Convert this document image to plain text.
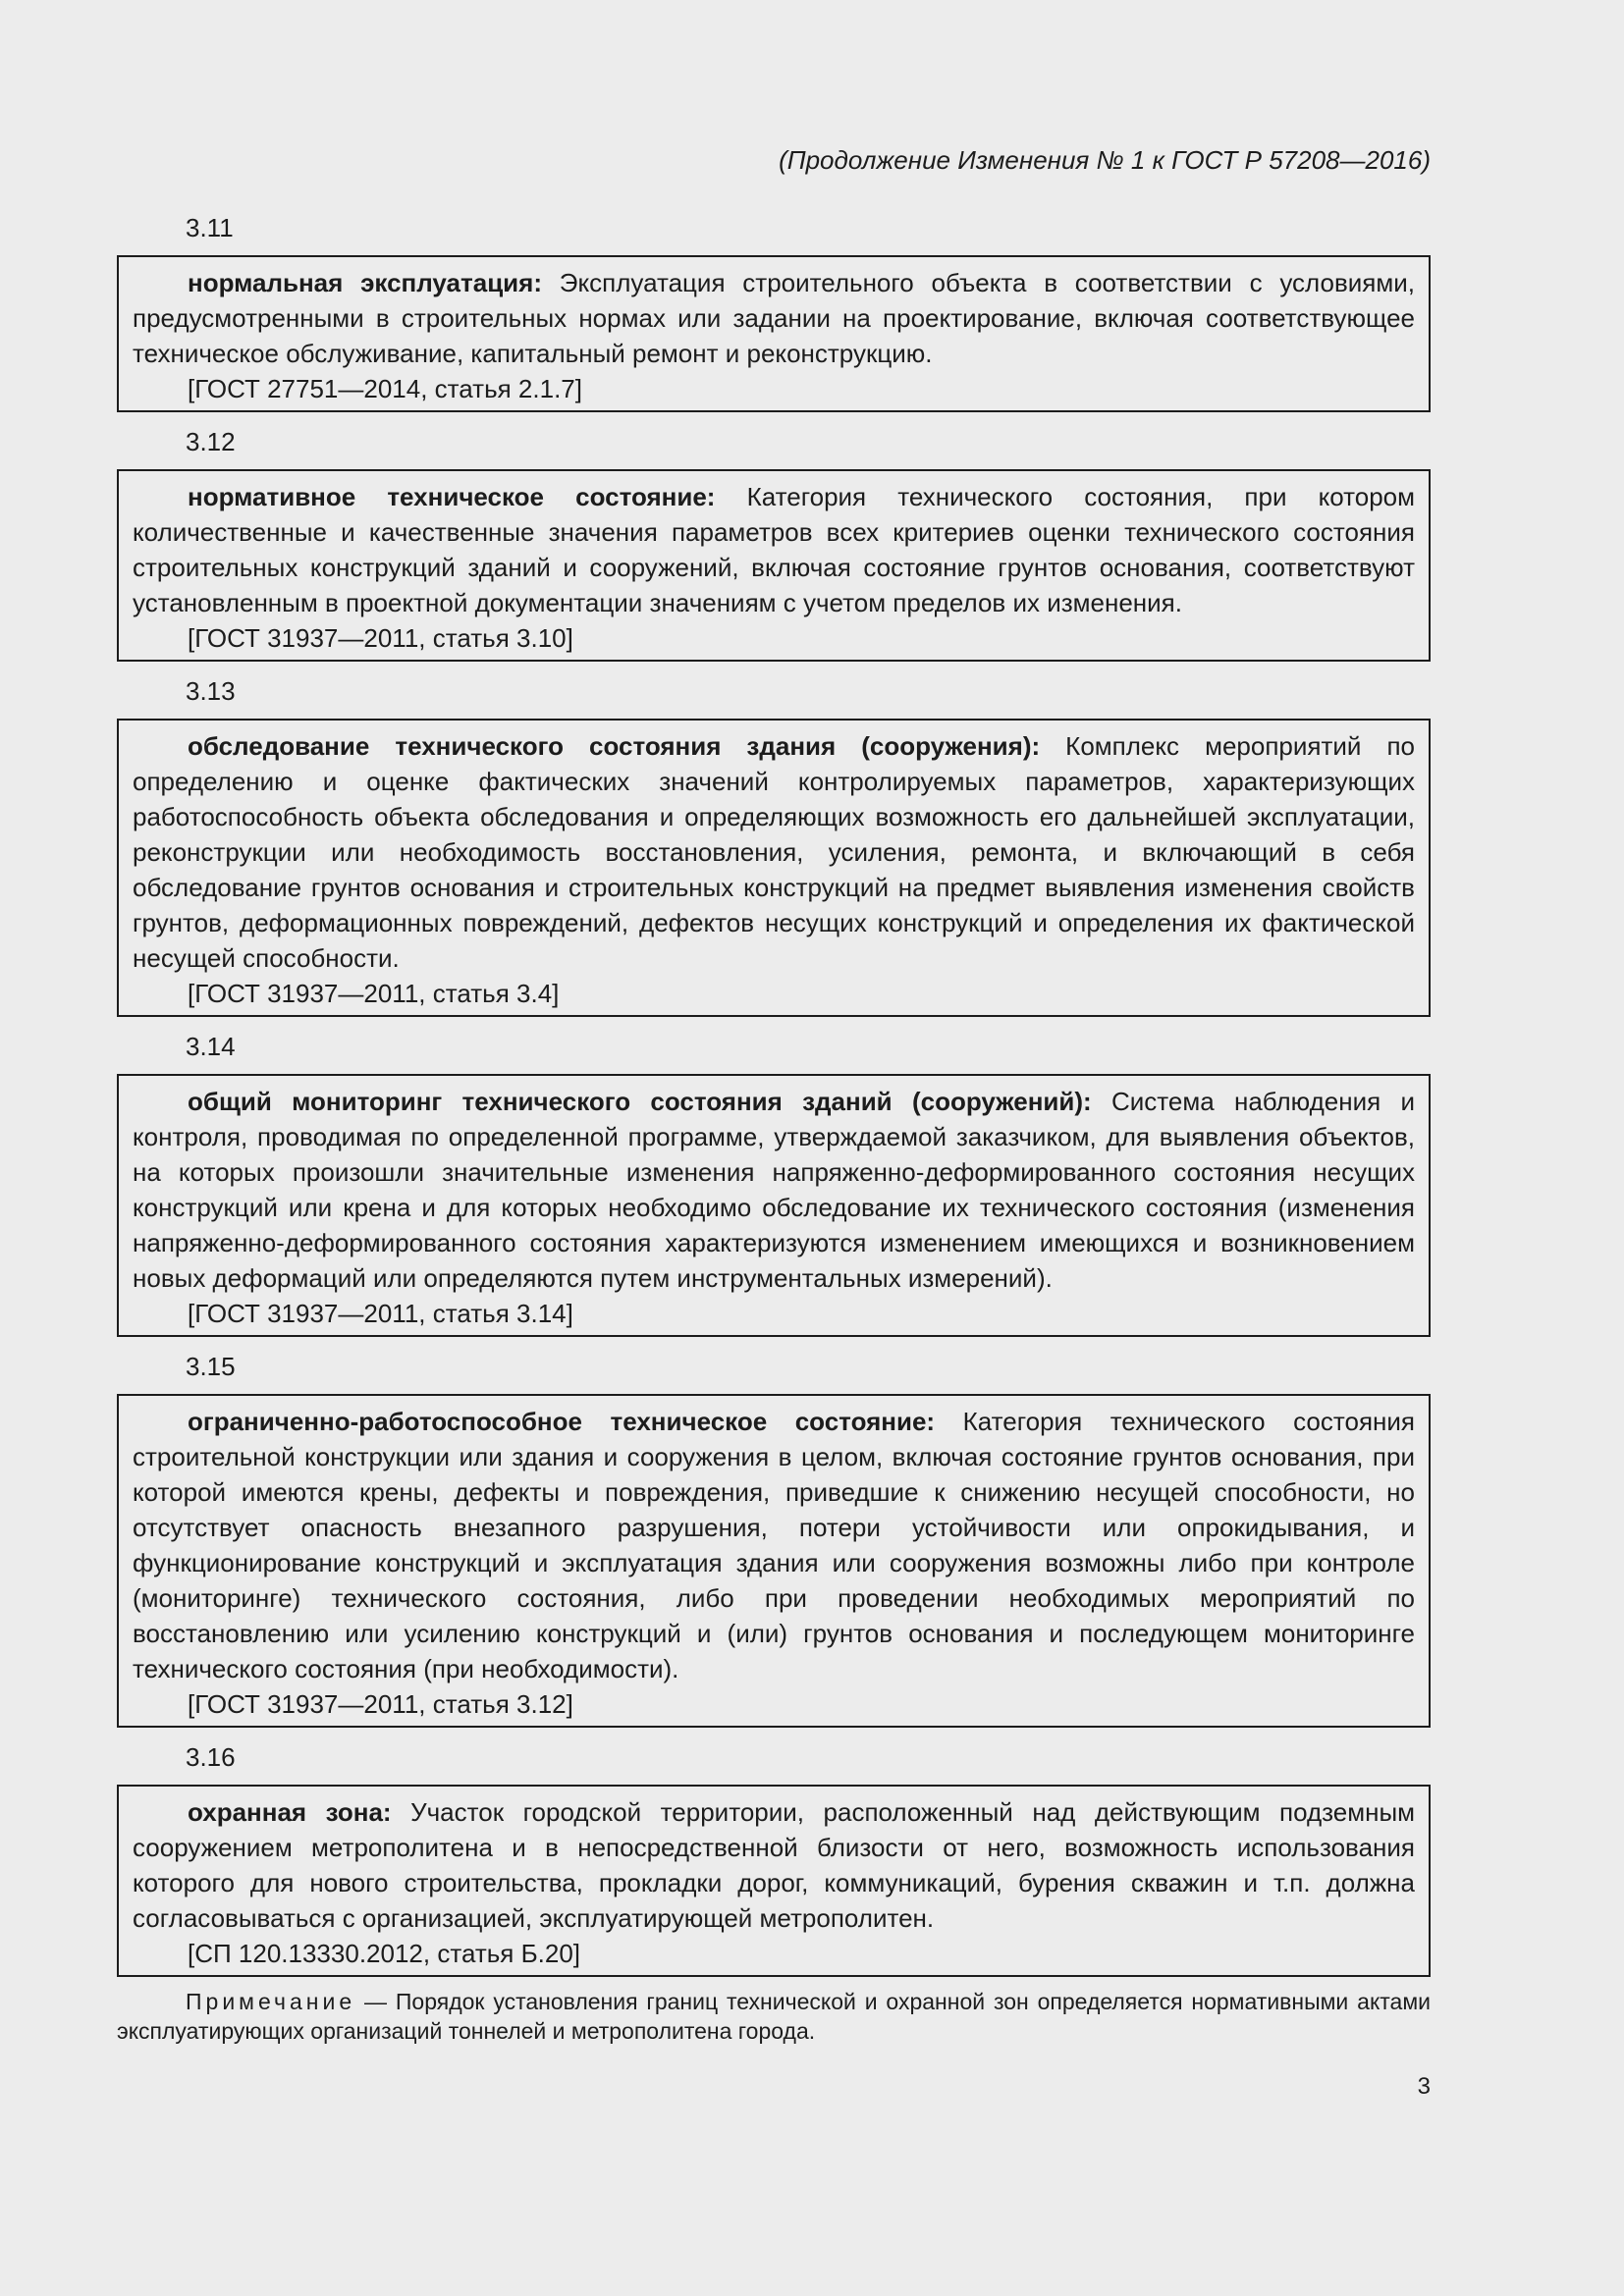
(Продолжение Изменения № 1 к ГОСТ Р 57208—2016)
3.11

нормальная эксплуатация: Эксплуатация строительного объекта в соответствии с условиями, предусмотренными в строительных нормах или задании на проектирование, включая соответствующее техническое обслуживание, капитальный ремонт и реконструкцию.

[ГОСТ 27751—2014, статья 2.1.7]

3.12

нормативное техническое состояние: Категория технического состояния, при котором количественные и качественные значения параметров всех критериев оценки технического состояния строительных конструкций зданий и сооружений, включая состояние грунтов основания, соответствуют установленным в проектной документации значениям с учетом пределов их изменения.

[ГОСТ 31937—2011, статья 3.10]

3.13

обследование технического состояния здания (сооружения): Комплекс мероприятий по определению и оценке фактических значений контролируемых параметров, характеризующих работоспособность объекта обследования и определяющих возможность его дальнейшей эксплуатации, реконструкции или необходимость восстановления, усиления, ремонта, и включающий в себя обследование грунтов основания и строительных конструкций на предмет выявления изменения свойств грунтов, деформационных повреждений, дефектов несущих конструкций и определения их фактической несущей способности.

[ГОСТ 31937—2011, статья 3.4]

3.14

общий мониторинг технического состояния зданий (сооружений): Система наблюдения и контроля, проводимая по определенной программе, утверждаемой заказчиком, для выявления объектов, на которых произошли значительные изменения напряженно-деформированного состояния несущих конструкций или крена и для которых необходимо обследование их технического состояния (изменения напряженно-деформированного состояния характеризуются изменением имеющихся и возникновением новых деформаций или определяются путем инструментальных измерений).

[ГОСТ 31937—2011, статья 3.14]

3.15

ограниченно-работоспособное техническое состояние: Категория технического состояния строительной конструкции или здания и сооружения в целом, включая состояние грунтов основания, при которой имеются крены, дефекты и повреждения, приведшие к снижению несущей способности, но отсутствует опасность внезапного разрушения, потери устойчивости или опрокидывания, и функционирование конструкций и эксплуатация здания или сооружения возможны либо при контроле (мониторинге) технического состояния, либо при проведении необходимых мероприятий по восстановлению или усилению конструкций и (или) грунтов основания и последующем мониторинге технического состояния (при необходимости).

[ГОСТ 31937—2011, статья 3.12]

3.16

охранная зона: Участок городской территории, расположенный над действующим подземным сооружением метрополитена и в непосредственной близости от него, возможность использования которого для нового строительства, прокладки дорог, коммуникаций, бурения скважин и т.п. должна согласовываться с организацией, эксплуатирующей метрополитен.

[СП 120.13330.2012, статья Б.20]

Примечание — Порядок установления границ технической и охранной зон определяется нормативными актами эксплуатирующих организаций тоннелей и метрополитена города.

3
